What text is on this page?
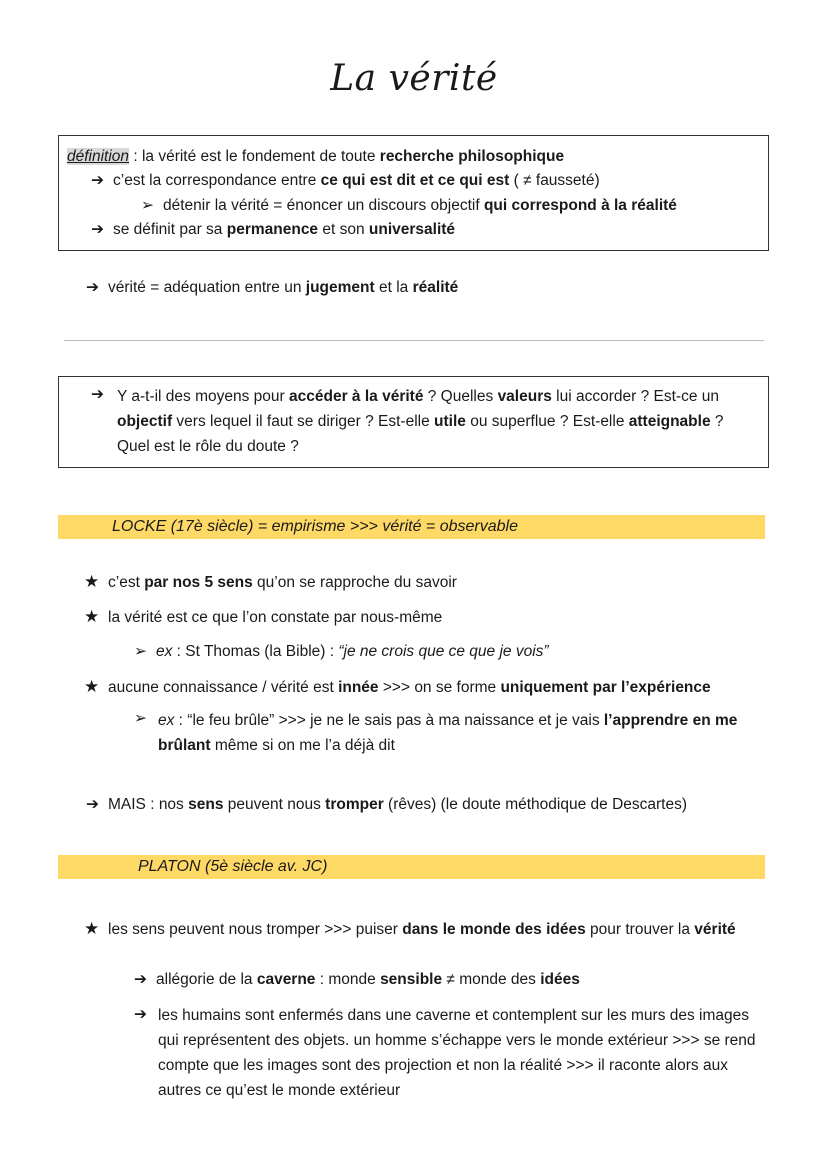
La vérité
définition : la vérité est le fondement de toute recherche philosophique
➔ c’est la correspondance entre ce qui est dit et ce qui est ( ≠ fausseté)
➢ détenir la vérité = énoncer un discours objectif qui correspond à la réalité
➔ se définit par sa permanence et son universalité
➔ vérité = adéquation entre un jugement et la réalité
➔ Y a-t-il des moyens pour accéder à la vérité ? Quelles valeurs lui accorder ? Est-ce un objectif vers lequel il faut se diriger ? Est-elle utile ou superflue ? Est-elle atteignable ?
Quel est le rôle du doute ?
LOCKE (17è siècle) = empirisme >>> vérité = observable
★ c’est par nos 5 sens qu’on se rapproche du savoir
★ la vérité est ce que l’on constate par nous-même
➢ ex : St Thomas (la Bible) : “je ne crois que ce que je vois”
★ aucune connaissance / vérité est innée >>> on se forme uniquement par l’expérience
➢ ex : “le feu brûle” >>> je ne le sais pas à ma naissance et je vais l’apprendre en me
brûlant même si on me l’a déjà dit
➔ MAIS : nos sens peuvent nous tromper (rêves) (le doute méthodique de Descartes)
PLATON (5è siècle av. JC)
★ les sens peuvent nous tromper >>> puiser dans le monde des idées pour trouver la vérité
➔ allégorie de la caverne : monde sensible ≠ monde des idées
➔ les humains sont enfermés dans une caverne et contemplent sur les murs des images qui représentent des objets. un homme s’échappe vers le monde extérieur >>> se rend compte que les images sont des projection et non la réalité >>> il raconte alors aux autres ce qu’est le monde extérieur
